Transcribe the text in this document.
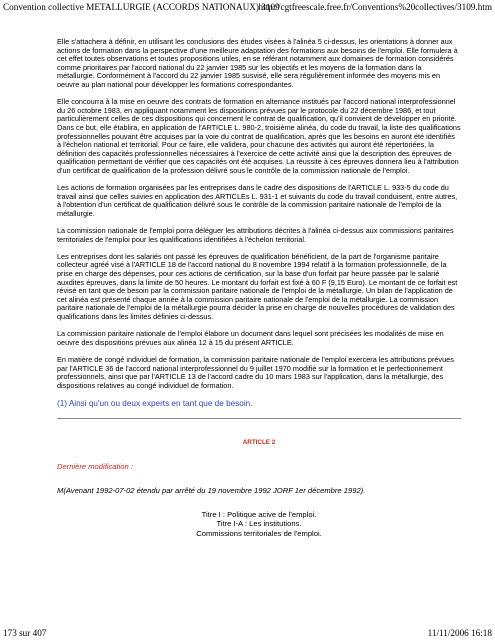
Convention collective METALLURGIE (ACCORDS NATIONAUX) 3109
http://cgtfreescale.free.fr/Conventions%20collectives/3109.htm

Elle s'attachera à définir, en utilisant les conclusions des études visées à l'alinéa 5 ci-dessus, les orientations à donner aux actions de formation dans la perspective d'une meilleure adaptation des formations aux besoins de l'emploi. Elle formulera à cet effet toutes observations et toutes propositions utiles, en se référant notamment aux domaines de formation considérés comme prioritaires par l'accord national du 22 janvier 1985 sur les objectifs et les moyens de la formation dans la métallurgie. Conformément à l'accord du 22 janvier 1985 susvisé, elle sera régulièrement informée des moyens mis en oeuvre au plan national pour développer les formations correspondantes.

Elle concourra à la mise en oeuvre des contrats de formation en alternance institués par l'accord national interprofessionnel du 26 octobre 1983, en appliquant notamment les dispositions prévues par le protocole du 22 décembre 1986, et tout particulièrement celles de ces dispositions qui concernent le contrat de qualification, qu'il convient de développer en priorité. Dans ce but, elle établira, en application de l'ARTICLE L. 980-2, troisième alinéa, du code du travail, la liste des qualifications professionnelles pouvant être acquises par la voie du contrat de qualification, après que les besoins en auront été identifiés à l'échelon national et territorial. Pour ce faire, elle validera, pour chacune des activités qui auront été répertoriées, la définition des capacités professionnelles nécessaires à l'exercice de cette activité ainsi que la description des épreuves de qualification permettant de vérifier que ces capacités ont été acquises. La réussite à ces épreuves donnera lieu à l'attribution d'un certificat de qualification de la profession délivré sous le contrôle de la commission nationale de l'emploi.

Les actions de formation organisées par les entreprises dans le cadre des dispositions de l'ARTICLE L. 933-5 du code du travail ainsi que celles suivies en application des ARTICLEs L. 931-1 et suivants du code du travail conduisent, entre autres, à l'obtention d'un certificat de qualification délivré sous le contrôle de la commission paritaire nationale de l'emploi de la métallurgie.

La commission nationale de l'emploi porra déléguer les attributions décrites à l'alinéa ci-dessus aux commissions paritaires territoriales de l'emploi pour les qualifications identifiées à l'échelon territorial.

Les entreprises dont les salariés ont passé les épreuves de qualification bénéficient, de la part de l'organisme paritaire collecteur agréé visé à l'ARTICLE 18 de l'accord national du 8 novembre 1994 relatif à la formation professionnelle, de la prise en charge des dépenses, pour ces actions de certification, sur la base d'un forfait par heure passée par le salarié auxdites épreuves, dans la limite de 50 heures. Le montant du forfait est fixé à 60 F (9,15 Euro). Le montant de ce forfait est révisé en tant que de besoin par la commission paritaire nationale de l'emploi de la métallurgie. Un bilan de l'application de cet alinéa est présenté chaque année à la commission paritaire nationale de l'emploi de la métallurgie. La commission paritaire nationale de l'emploi de la métallurgie pourra décider la prise en charge de nouvelles procédures de validation des qualifications dans les limites définies ci-dessus.

La commission paritaire nationale de l'emploi élabore un document dans lequel sont précisées les modalités de mise en oeuvre des dispositions prévues aux alinéa 12 à 15 du présent ARTICLE.

En matière de congé individuel de formation, la commission paritaire nationale de l'emploi exercera les attributions prévues par l'ARTICLE 36 de l'accord national interprofessionnel du 9 juillet 1970 modifié sur la formation et le perfectionnement professionnels, ainsi que par l'ARTICLE 13 de l'accord cadre du 10 mars 1983 sur l'application, dans la métallurgie, des dispositions relatives au congé individuel de formation.

(1) Ainsi qu'un ou deux experts en tant que de besoin.

ARTICLE 2

Dernière modification :

M(Avenant 1992-07-02 étendu par arrêté du 19 novembre 1992 JORF 1er décembre 1992).

Titre I : Politique acive de l'emploi.
Titre I-A : Les institutions.
Commissions territoriales de l'emploi.
173 sur 407	11/11/2006 16:18
